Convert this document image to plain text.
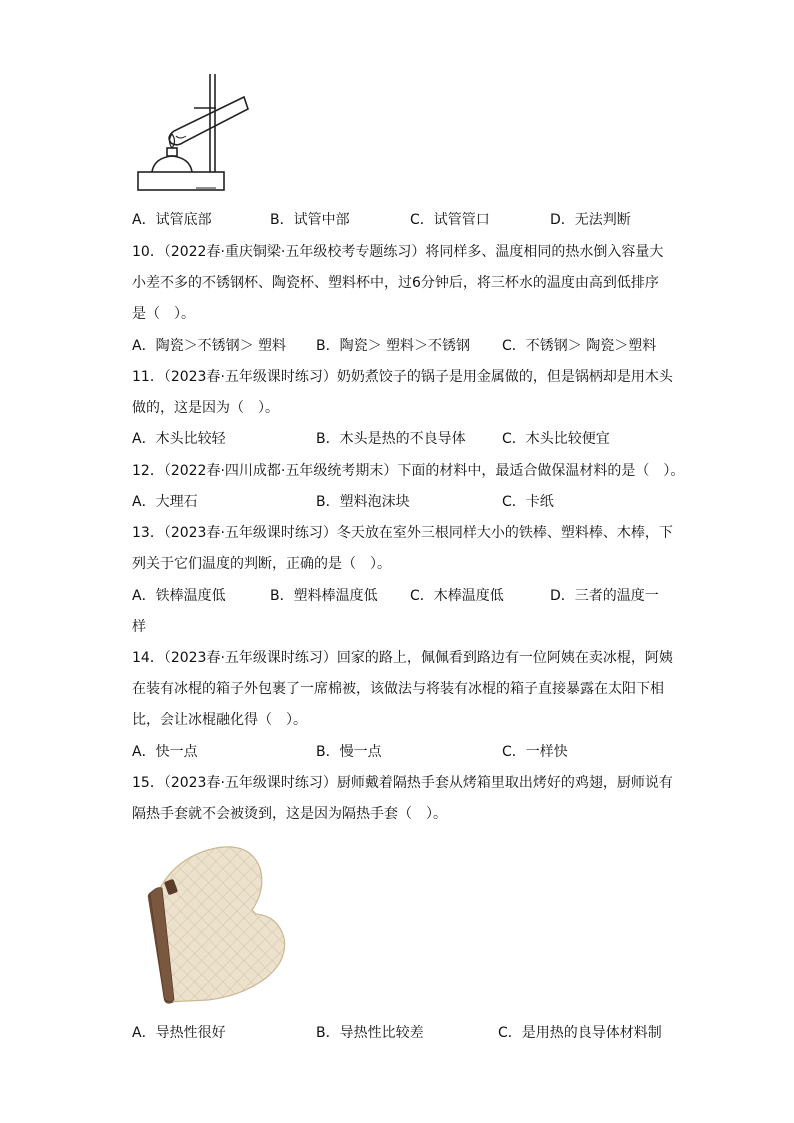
A．试管底部	B．试管中部	C．试管管口	D．无法判断
10．（2022春·重庆铜梁·五年级校考专题练习）将同样多、温度相同的热水倒入容量大
小差不多的不锈钢杯、陶瓷杯、塑料杯中，过6分钟后，将三杯水的温度由高到低排序
是（　）。
A．陶瓷＞不锈钢＞ 塑料 B．陶瓷＞ 塑料＞不锈钢 C．不锈钢＞ 陶瓷＞塑料
11．（2023春·五年级课时练习）奶奶煮饺子的锅子是用金属做的，但是锅柄却是用木头
做的，这是因为（　）。
A．木头比较轻	B．木头是热的不良导体	C．木头比较便宜
12．（2022春·四川成都·五年级统考期末）下面的材料中，最适合做保温材料的是（　）。
A．大理石	B．塑料泡沫块	C．卡纸
13．（2023春·五年级课时练习）冬天放在室外三根同样大小的铁棒、塑料棒、木棒，下
列关于它们温度的判断，正确的是（　）。
A．铁棒温度低	B．塑料棒温度低 C．木棒温度低	D．三者的温度一
样
14．（2023春·五年级课时练习）回家的路上，佩佩看到路边有一位阿姨在卖冰棍，阿姨
在装有冰棍的箱子外包裹了一席棉被，该做法与将装有冰棍的箱子直接暴露在太阳下相
比，会让冰棍融化得（　）。
A．快一点	B．慢一点	C．一样快
15．（2023春·五年级课时练习）厨师戴着隔热手套从烤箱里取出烤好的鸡翅，厨师说有
隔热手套就不会被烫到，这是因为隔热手套（　）。
A．导热性很好	B．导热性比较差	C．是用热的良导体材料制
